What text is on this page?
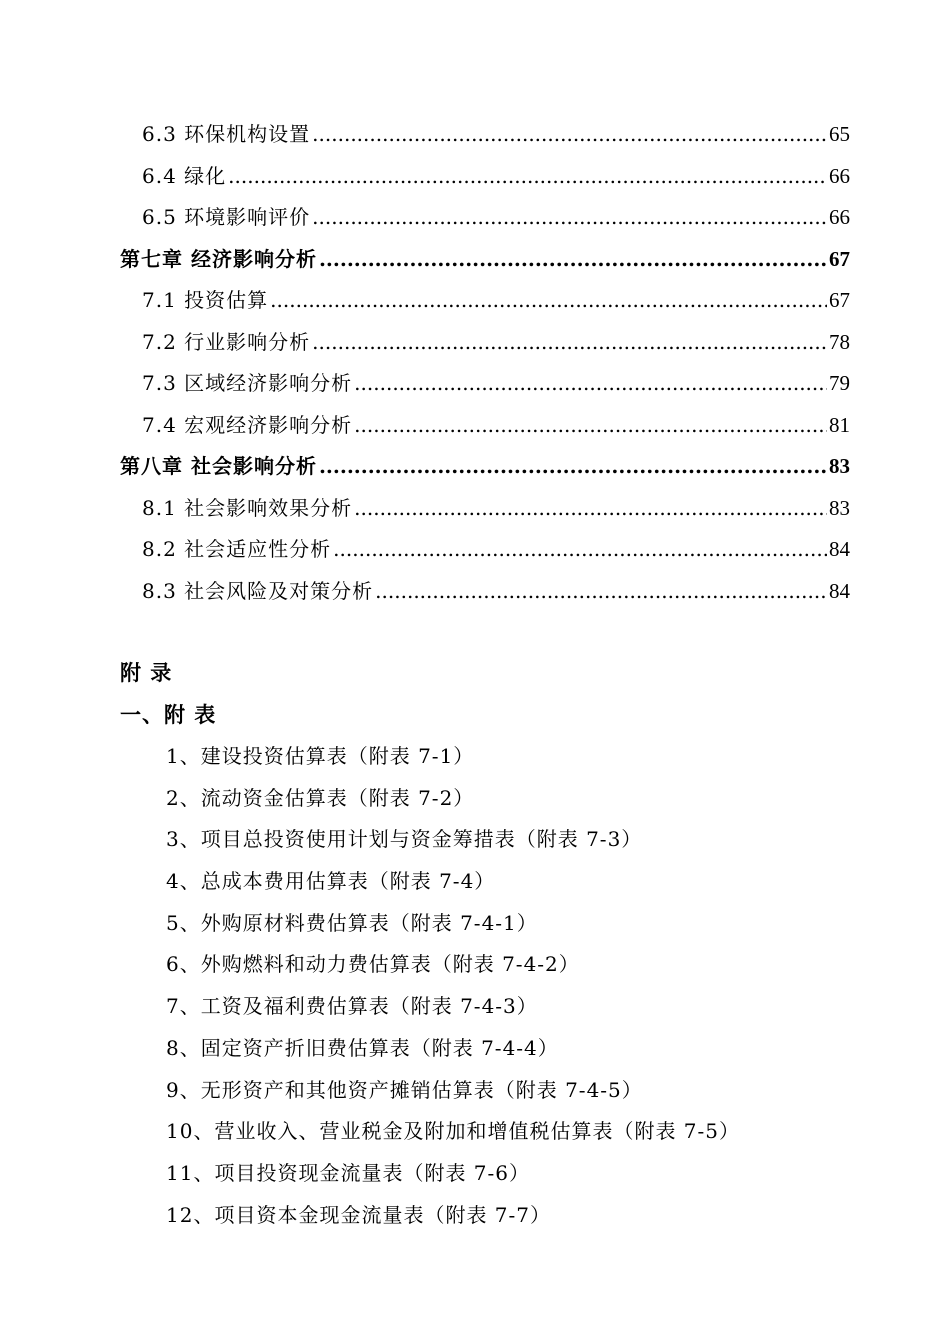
6.3 环保机构设置 .....	65
6.4 绿化 .....	66
6.5 环境影响评价 .....	66
第七章 经济影响分析 .....	67
7.1 投资估算 .....	67
7.2 行业影响分析 .....	78
7.3 区域经济影响分析 .....	79
7.4 宏观经济影响分析 .....	81
第八章 社会影响分析 .....	83
8.1 社会影响效果分析 .....	83
8.2 社会适应性分析 .....	84
8.3 社会风险及对策分析 .....	84
附 录
一、附 表
1、建设投资估算表（附表 7-1）
2、流动资金估算表（附表 7-2）
3、项目总投资使用计划与资金筹措表（附表 7-3）
4、总成本费用估算表（附表 7-4）
5、外购原材料费估算表（附表 7-4-1）
6、外购燃料和动力费估算表（附表 7-4-2）
7、工资及福利费估算表（附表 7-4-3）
8、固定资产折旧费估算表（附表 7-4-4）
9、无形资产和其他资产摊销估算表（附表 7-4-5）
10、营业收入、营业税金及附加和增值税估算表（附表 7-5）
11、项目投资现金流量表（附表 7-6）
12、项目资本金现金流量表（附表 7-7）
